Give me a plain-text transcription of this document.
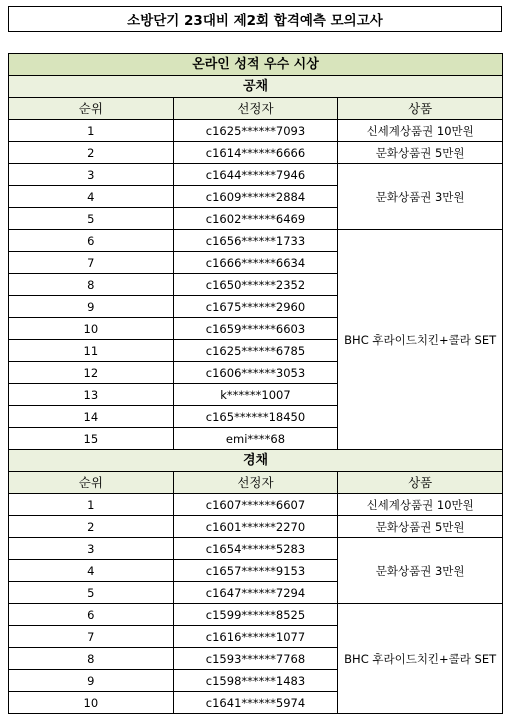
소방단기 23대비 제2회 합격예측 모의고사
온라인 성적 우수 시상		
공채		
순위	선정자	상품
1	c1625******7093	신세계상품권 10만원
2	c1614******6666	문화상품권 5만원
3	c1644******7946	문화상품권 3만원
4	c1609******2884	
5	c1602******6469	
6	c1656******1733	BHC 후라이드치킨+콜라 SET
7	c1666******6634	
8	c1650******2352	
9	c1675******2960	
10	c1659******6603	
11	c1625******6785	
12	c1606******3053	
13	k******1007	
14	c165******18450	
15	emi****68	
경채		
순위	선정자	상품
1	c1607******6607	신세계상품권 10만원
2	c1601******2270	문화상품권 5만원
3	c1654******5283	문화상품권 3만원
4	c1657******9153	
5	c1647******7294	
6	c1599******8525	BHC 후라이드치킨+콜라 SET
7	c1616******1077	
8	c1593******7768	
9	c1598******1483	
10	c1641******5974	
